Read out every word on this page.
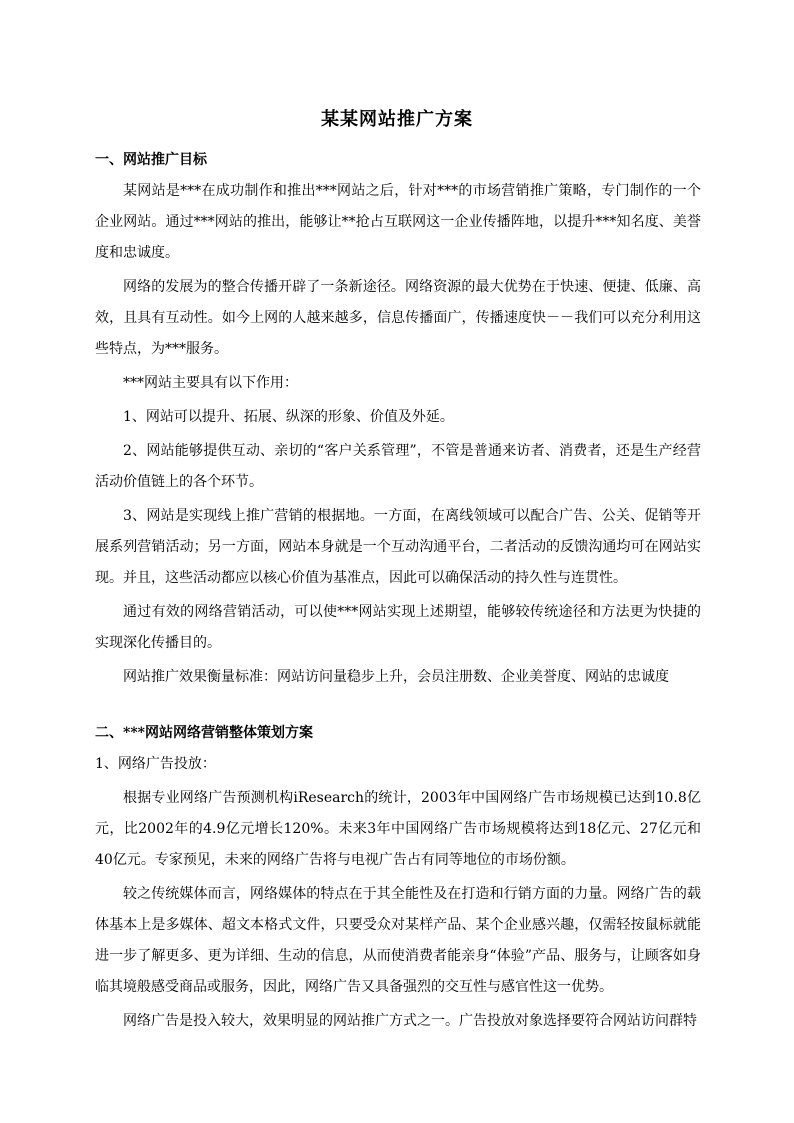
某某网站推广方案
一、网站推广目标

某网站是***在成功制作和推出***网站之后，针对***的市场营销推广策略，专门制作的一个企业网站。通过***网站的推出，能够让**抢占互联网这一企业传播阵地，以提升***知名度、美誉度和忠诚度。

网络的发展为的整合传播开辟了一条新途径。网络资源的最大优势在于快速、便捷、低廉、高效，且具有互动性。如今上网的人越来越多，信息传播面广，传播速度快－－我们可以充分利用这些特点，为***服务。

***网站主要具有以下作用：

1、网站可以提升、拓展、纵深的形象、价值及外延。

2、网站能够提供互动、亲切的“客户关系管理”，不管是普通来访者、消费者，还是生产经营活动价值链上的各个环节。

3、网站是实现线上推广营销的根据地。一方面，在离线领域可以配合广告、公关、促销等开展系列营销活动；另一方面，网站本身就是一个互动沟通平台，二者活动的反馈沟通均可在网站实现。并且，这些活动都应以核心价值为基准点，因此可以确保活动的持久性与连贯性。

通过有效的网络营销活动，可以使***网站实现上述期望，能够较传统途径和方法更为快捷的实现深化传播目的。

网站推广效果衡量标准：网站访问量稳步上升，会员注册数、企业美誉度、网站的忠诚度

二、***网站网络营销整体策划方案

1、网络广告投放：

根据专业网络广告预测机构iResearch的统计，2003年中国网络广告市场规模已达到10.8亿元，比2002年的4.9亿元增长120%。未来3年中国网络广告市场规模将达到18亿元、27亿元和40亿元。专家预见，未来的网络广告将与电视广告占有同等地位的市场份额。

较之传统媒体而言，网络媒体的特点在于其全能性及在打造和行销方面的力量。网络广告的载体基本上是多媒体、超文本格式文件，只要受众对某样产品、某个企业感兴趣，仅需轻按鼠标就能进一步了解更多、更为详细、生动的信息，从而使消费者能亲身“体验”产品、服务与，让顾客如身临其境般感受商品或服务，因此，网络广告又具备强烈的交互性与感官性这一优势。

网络广告是投入较大，效果明显的网站推广方式之一。广告投放对象选择要符合网站访问群特
